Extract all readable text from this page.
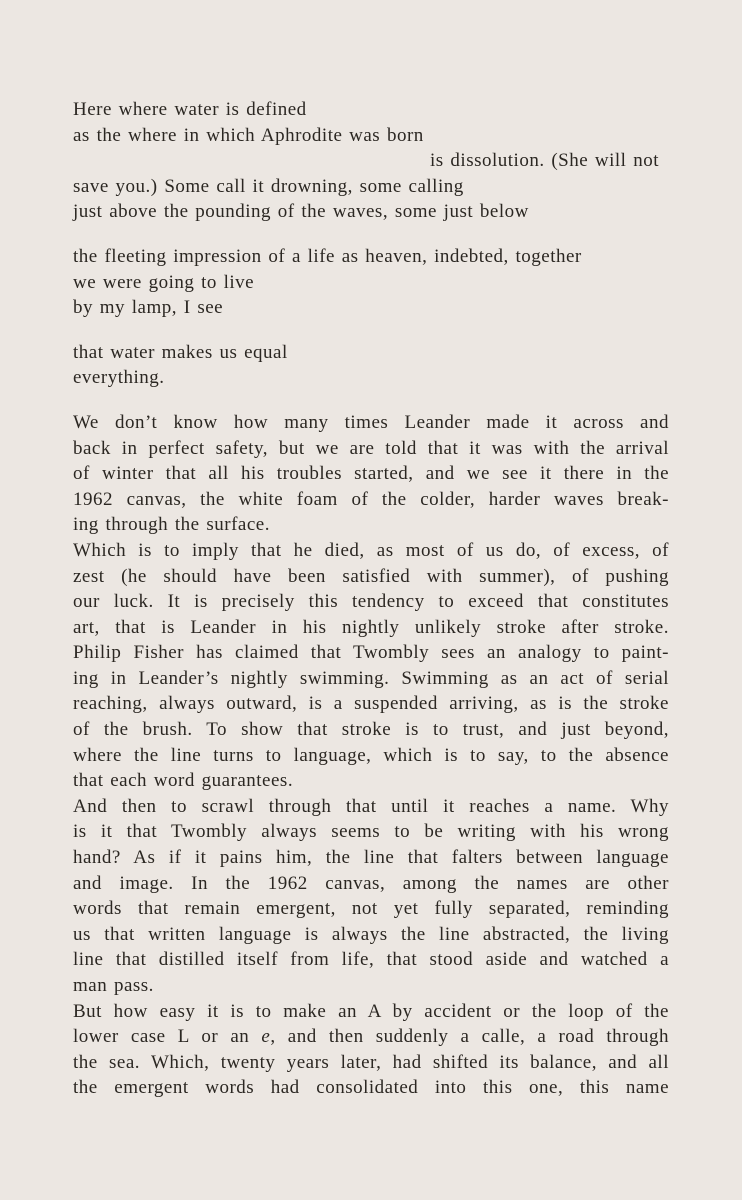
Here where water is defined
as the where in which Aphrodite was born
is dissolution. (She will not
save you.) Some call it drowning, some calling
just above the pounding of the waves, some just below
the fleeting impression of a life as heaven, indebted, together
we were going to live
by my lamp, I see
that water makes us equal
everything.
We don’t know how many times Leander made it across and
back in perfect safety, but we are told that it was with the arrival
of winter that all his troubles started, and we see it there in the
1962 canvas, the white foam of the colder, harder waves break-
ing through the surface.
Which is to imply that he died, as most of us do, of excess, of
zest (he should have been satisfied with summer), of pushing
our luck. It is precisely this tendency to exceed that constitutes
art, that is Leander in his nightly unlikely stroke after stroke.
Philip Fisher has claimed that Twombly sees an analogy to paint-
ing in Leander’s nightly swimming. Swimming as an act of serial
reaching, always outward, is a suspended arriving, as is the stroke
of the brush. To show that stroke is to trust, and just beyond,
where the line turns to language, which is to say, to the absence
that each word guarantees.
And then to scrawl through that until it reaches a name. Why
is it that Twombly always seems to be writing with his wrong
hand? As if it pains him, the line that falters between language
and image. In the 1962 canvas, among the names are other
words that remain emergent, not yet fully separated, reminding
us that written language is always the line abstracted, the living
line that distilled itself from life, that stood aside and watched a
man pass.
But how easy it is to make an A by accident or the loop of the
lower case L or an e, and then suddenly a calle, a road through
the sea. Which, twenty years later, had shifted its balance, and all
the emergent words had consolidated into this one, this name
